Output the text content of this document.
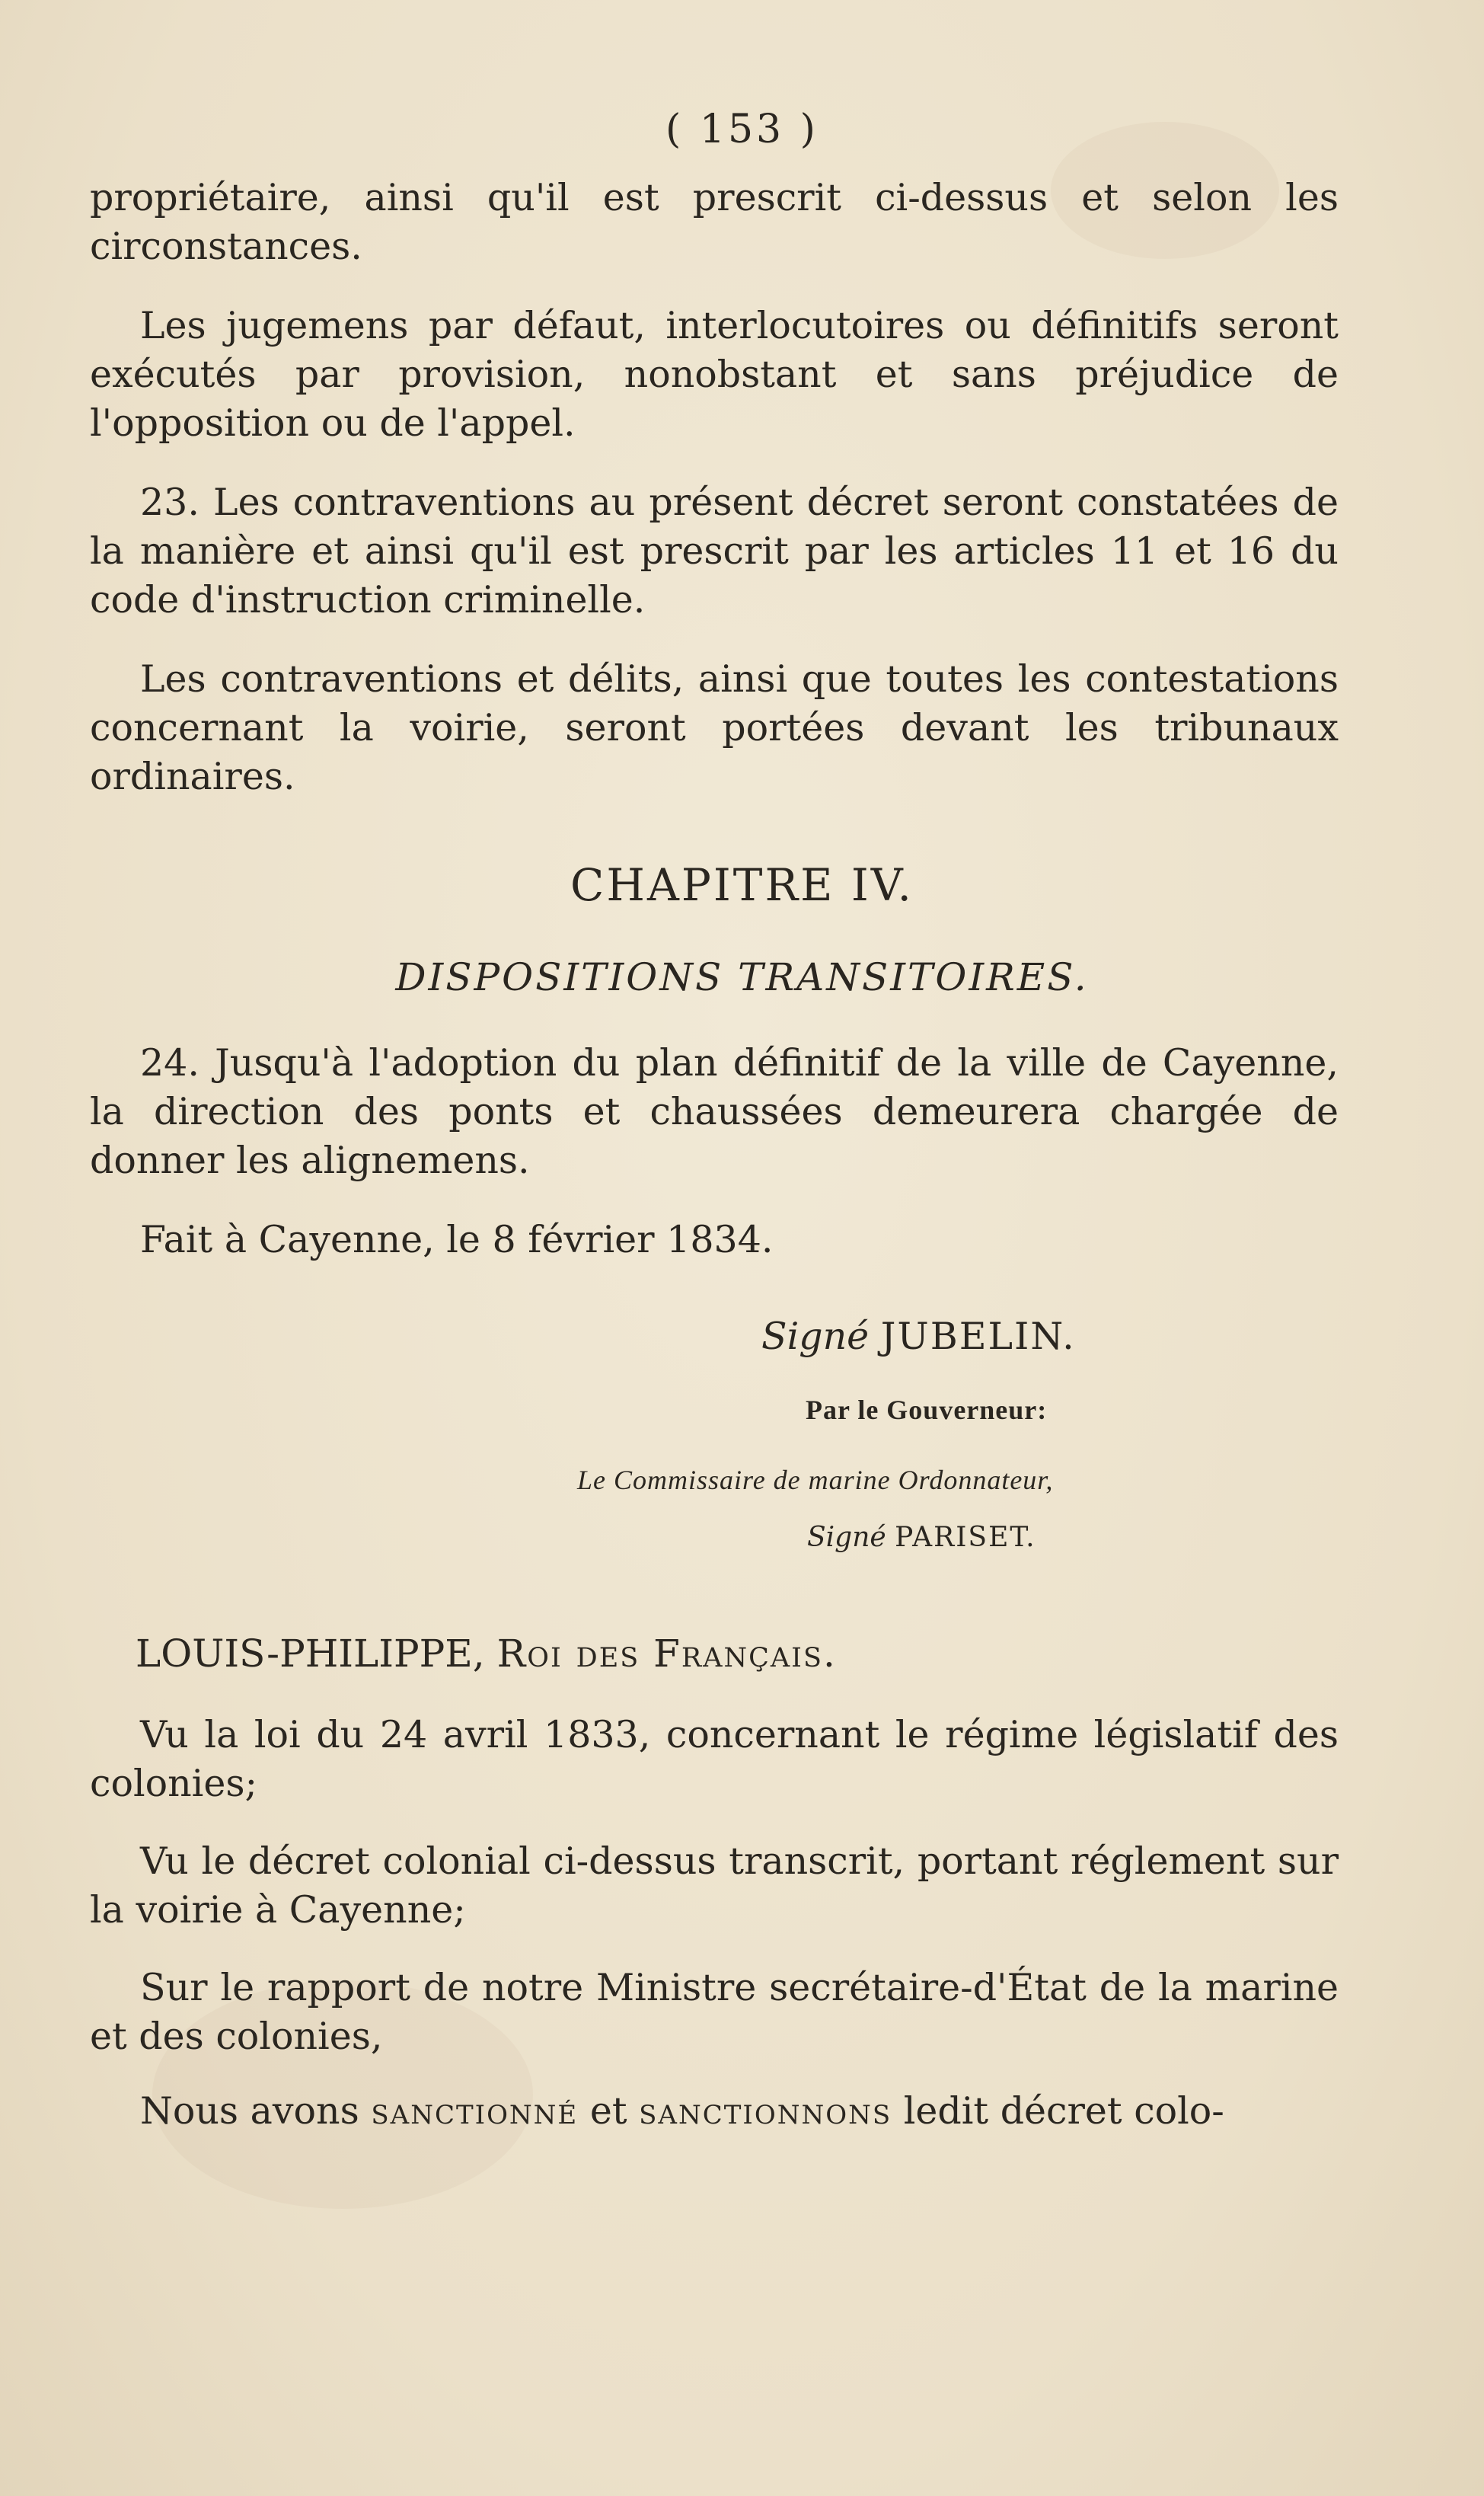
( 153 )

propriétaire, ainsi qu'il est prescrit ci-dessus et selon les circonstances.

Les jugemens par défaut, interlocutoires ou définitifs seront exécutés par provision, nonobstant et sans préjudice de l'opposition ou de l'appel.

23. Les contraventions au présent décret seront constatées de la manière et ainsi qu'il est prescrit par les articles 11 et 16 du code d'instruction criminelle.

Les contraventions et délits, ainsi que toutes les contestations concernant la voirie, seront portées devant les tribunaux ordinaires.

CHAPITRE IV.
DISPOSITIONS TRANSITOIRES.

24. Jusqu'à l'adoption du plan définitif de la ville de Cayenne, la direction des ponts et chaussées demeurera chargée de donner les alignemens.

Fait à Cayenne, le 8 février 1834.

Signé JUBELIN.
Par le Gouverneur:
Le Commissaire de marine Ordonnateur,
Signé PARISET.
LOUIS-PHILIPPE, Roi des Français.

Vu la loi du 24 avril 1833, concernant le régime législatif des colonies;

Vu le décret colonial ci-dessus transcrit, portant réglement sur la voirie à Cayenne;

Sur le rapport de notre Ministre secrétaire-d'État de la marine et des colonies,

Nous avons sanctionné et sanctionnons ledit décret colo-
